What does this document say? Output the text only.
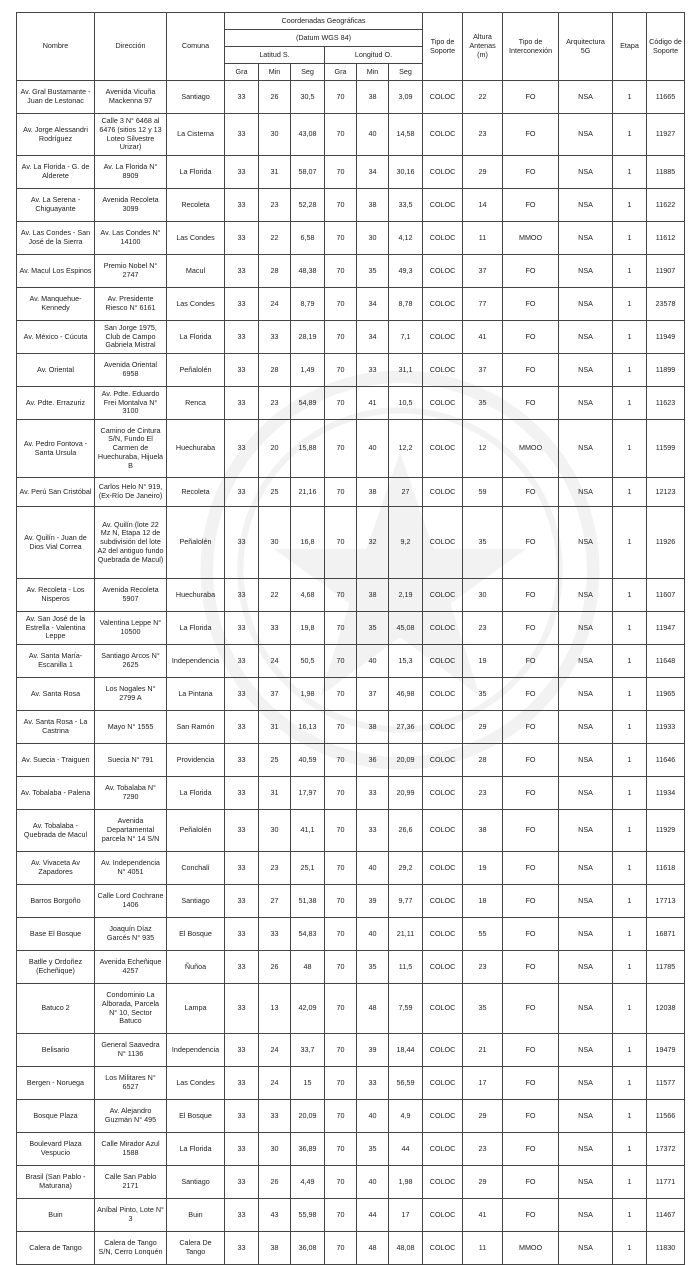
Nombre	Dirección	Comuna	Coordenadas Geográficas						Tipo de Soporte	Altura Antenas (m)	Tipo de Interconexión	Arquitectura 5G	Etapa	Código de Soporte
			(Datum WGS 84)											
			Latitud S.			Longitud O.								
			Gra	Min	Seg	Gra	Min	Seg						
Av. Gral Bustamante - Juan de Lestonac	Avenida Vicuña Mackenna 97	Santiago	33	26	30,5	70	38	3,09	COLOC	22	FO	NSA	1	11665
Av. Jorge Alessandri Rodríguez	Calle 3 N° 6468 al 6476 (sitios 12 y 13 Loteo Silvestre Urizar)	La Cisterna	33	30	43,08	70	40	14,58	COLOC	23	FO	NSA	1	11927
Av. La Florida - G. de Alderete	Av. La Florida N° 8909	La Florida	33	31	58,07	70	34	30,16	COLOC	29	FO	NSA	1	11885
Av. La Serena - Chiguayante	Avenida Recoleta 3099	Recoleta	33	23	52,28	70	38	33,5	COLOC	14	FO	NSA	1	11622
Av. Las Condes - San José de la Sierra	Av. Las Condes N° 14100	Las Condes	33	22	6,58	70	30	4,12	COLOC	11	MMOO	NSA	1	11612
Av. Macul Los Espinos	Premio Nobel N° 2747	Macul	33	28	48,38	70	35	49,3	COLOC	37	FO	NSA	1	11907
Av. Manquehue-Kennedy	Av. Presidente Riesco N° 6161	Las Condes	33	24	8,79	70	34	8,78	COLOC	77	FO	NSA	1	23578
Av. México - Cúcuta	San Jorge 1975, Club de Campo Gabriela Mistral	La Florida	33	33	28,19	70	34	7,1	COLOC	41	FO	NSA	1	11949
Av. Oriental	Avenida Oriental 6958	Peñalolén	33	28	1,49	70	33	31,1	COLOC	37	FO	NSA	1	11899
Av. Pdte. Errazuriz	Av. Pdte. Eduardo Frei Montalva N° 3100	Renca	33	23	54,89	70	41	10,5	COLOC	35	FO	NSA	1	11623
Av. Pedro Fontova - Santa Ursula	Camino de Cintura S/N, Fundo El Carmen de Huechuraba, Hijuela B	Huechuraba	33	20	15,88	70	40	12,2	COLOC	12	MMOO	NSA	1	11599
Av. Perú San Cristóbal	Carlos Helo N° 919, (Ex-Río De Janeiro)	Recoleta	33	25	21,16	70	38	27	COLOC	59	FO	NSA	1	12123
Av. Quilín - Juan de Dios Vial Correa	Av. Quilín (lote 22 Mz N, Etapa 12 de subdivisión del lote A2 del antiguo fundo Quebrada de Macul)	Peñalolén	33	30	16,8	70	32	9,2	COLOC	35	FO	NSA	1	11926
Av. Recoleta - Los Nisperos	Avenida Recoleta 5907	Huechuraba	33	22	4,68	70	38	2,19	COLOC	30	FO	NSA	1	11607
Av. San José de la Estrella - Valentina Leppe	Valentina Leppe N° 10500	La Florida	33	33	19,8	70	35	45,08	COLOC	23	FO	NSA	1	11947
Av. Santa María-Escanilla 1	Santiago Arcos N° 2625	Independencia	33	24	50,5	70	40	15,3	COLOC	19	FO	NSA	1	11648
Av. Santa Rosa	Los Nogales N° 2799 A	La Pintana	33	37	1,98	70	37	46,98	COLOC	35	FO	NSA	1	11965
Av. Santa Rosa - La Castrina	Mayo N° 1555	San Ramón	33	31	16,13	70	38	27,36	COLOC	29	FO	NSA	1	11933
Av. Suecia - Traiguen	Suecia N° 791	Providencia	33	25	40,59	70	36	20,09	COLOC	28	FO	NSA	1	11646
Av. Tobalaba - Palena	Av. Tobalaba N° 7290	La Florida	33	31	17,97	70	33	20,99	COLOC	23	FO	NSA	1	11934
Av. Tobalaba - Quebrada de Macul	Avenida Departamental parcela N° 14 S/N	Peñalolén	33	30	41,1	70	33	26,6	COLOC	38	FO	NSA	1	11929
Av. Vivaceta Av Zapadores	Av. Independencia N° 4051	Conchalí	33	23	25,1	70	40	29,2	COLOC	19	FO	NSA	1	11618
Barros Borgoño	Calle Lord Cochrane 1406	Santiago	33	27	51,38	70	39	9,77	COLOC	18	FO	NSA	1	17713
Base El Bosque	Joaquín Díaz Garcés N° 935	El Bosque	33	33	54,83	70	40	21,11	COLOC	55	FO	NSA	1	16871
Batlle y Ordoñez (Echeñique)	Avenida Echeñique 4257	Ñuñoa	33	26	48	70	35	11,5	COLOC	23	FO	NSA	1	11785
Batuco 2	Condominio La Alborada, Parcela N° 10, Sector Batuco	Lampa	33	13	42,09	70	48	7,59	COLOC	35	FO	NSA	1	12038
Belisario	General Saavedra N° 1136	Independencia	33	24	33,7	70	39	18,44	COLOC	21	FO	NSA	1	19479
Bergen - Noruega	Los Militares N° 6527	Las Condes	33	24	15	70	33	56,59	COLOC	17	FO	NSA	1	11577
Bosque Plaza	Av. Alejandro Guzmán N° 495	El Bosque	33	33	20,09	70	40	4,9	COLOC	29	FO	NSA	1	11566
Boulevard Plaza Vespucio	Calle Mirador Azul 1588	La Florida	33	30	36,89	70	35	44	COLOC	23	FO	NSA	1	17372
Brasil (San Pablo -Maturana)	Calle San Pablo 2171	Santiago	33	26	4,49	70	40	1,98	COLOC	29	FO	NSA	1	11771
Buin	Aníbal Pinto, Lote N° 3	Buin	33	43	55,98	70	44	17	COLOC	41	FO	NSA	1	11467
Calera de Tango	Calera de Tango S/N, Cerro Lonquén	Calera De Tango	33	38	36,08	70	48	48,08	COLOC	11	MMOO	NSA	1	11830
